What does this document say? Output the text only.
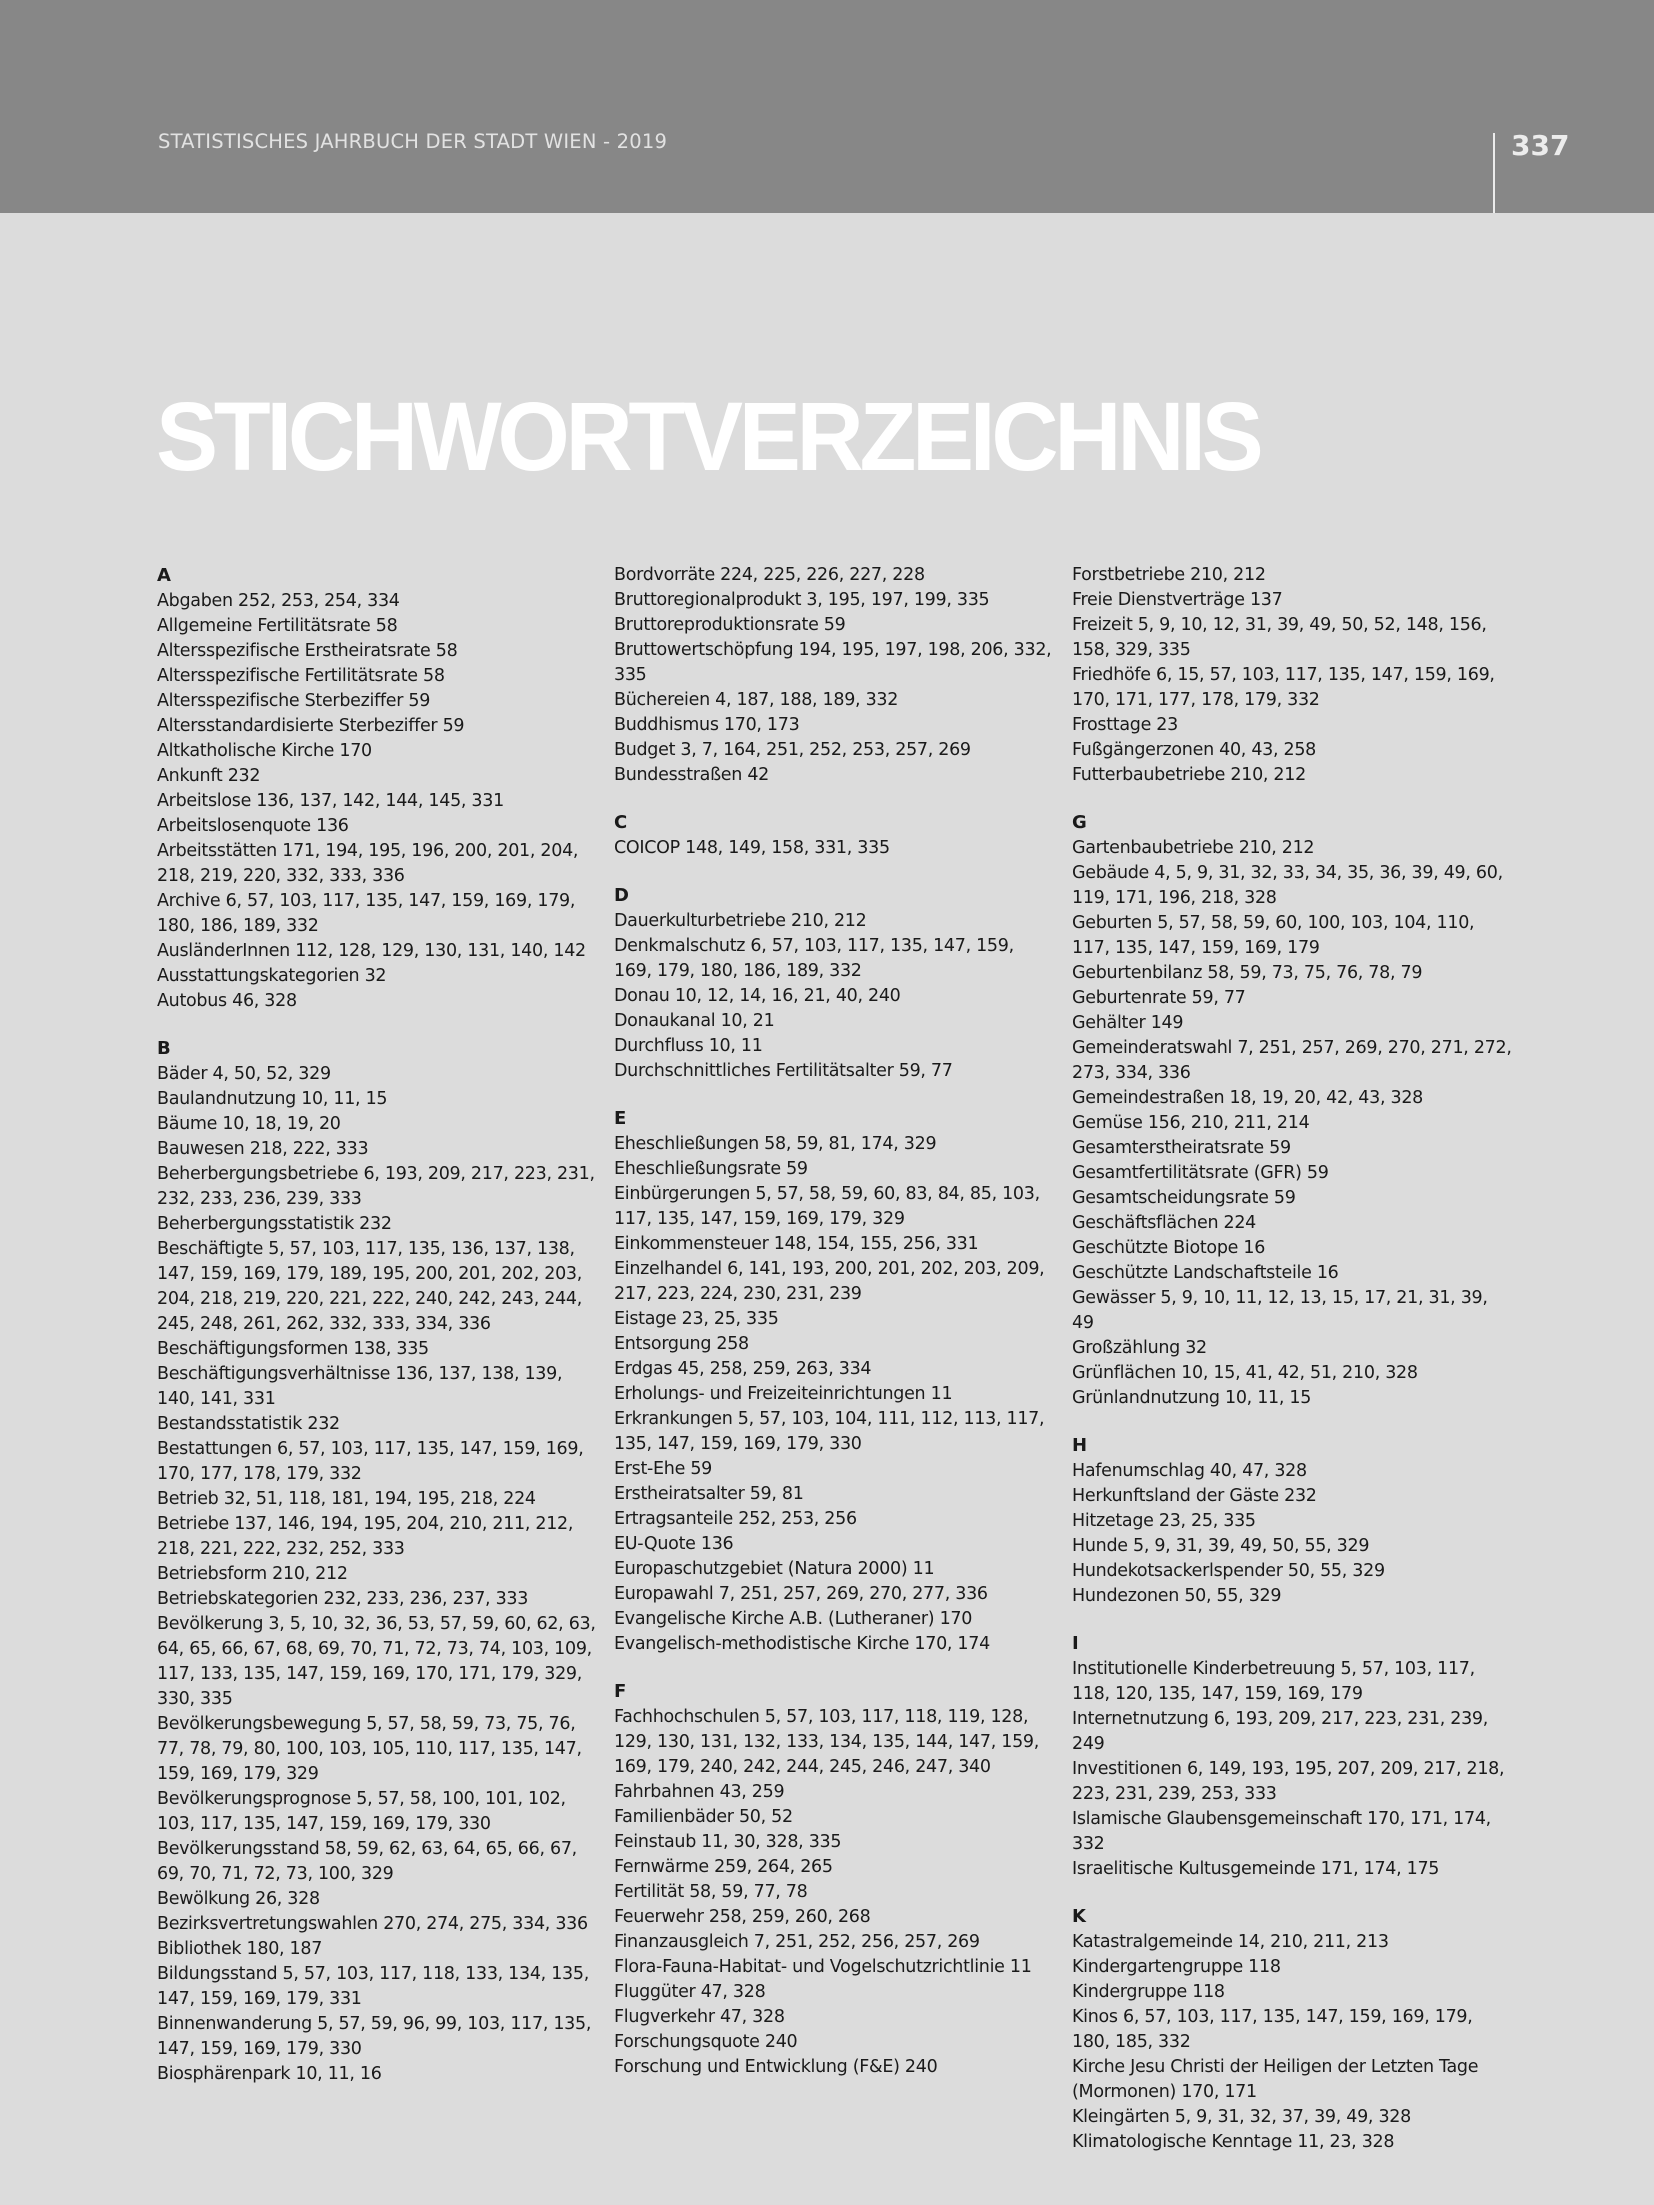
STATISTISCHES JAHRBUCH DER STADT WIEN - 2019	337
STICHWORTVERZEICHNIS
A
Abgaben 252, 253, 254, 334
Allgemeine Fertilitätsrate 58
Altersspezifische Erstheiratsrate 58
Altersspezifische Fertilitätsrate 58
Altersspezifische Sterbeziffer 59
Altersstandardisierte Sterbeziffer 59
Altkatholische Kirche 170
Ankunft 232
Arbeitslose 136, 137, 142, 144, 145, 331
Arbeitslosenquote 136
Arbeitsstätten 171, 194, 195, 196, 200, 201, 204, 218, 219, 220, 332, 333, 336
Archive 6, 57, 103, 117, 135, 147, 159, 169, 179, 180, 186, 189, 332
AusländerInnen 112, 128, 129, 130, 131, 140, 142
Ausstattungskategorien 32
Autobus 46, 328
B
Bäder 4, 50, 52, 329
Baulandnutzung 10, 11, 15
Bäume 10, 18, 19, 20
Bauwesen 218, 222, 333
Beherbergungsbetriebe 6, 193, 209, 217, 223, 231, 232, 233, 236, 239, 333
Beherbergungsstatistik 232
Beschäftigte 5, 57, 103, 117, 135, 136, 137, 138, 147, 159, 169, 179, 189, 195, 200, 201, 202, 203, 204, 218, 219, 220, 221, 222, 240, 242, 243, 244, 245, 248, 261, 262, 332, 333, 334, 336
Beschäftigungsformen 138, 335
Beschäftigungsverhältnisse 136, 137, 138, 139, 140, 141, 331
Bestandsstatistik 232
Bestattungen 6, 57, 103, 117, 135, 147, 159, 169, 170, 177, 178, 179, 332
Betrieb 32, 51, 118, 181, 194, 195, 218, 224
Betriebe 137, 146, 194, 195, 204, 210, 211, 212, 218, 221, 222, 232, 252, 333
Betriebsform 210, 212
Betriebskategorien 232, 233, 236, 237, 333
Bevölkerung 3, 5, 10, 32, 36, 53, 57, 59, 60, 62, 63, 64, 65, 66, 67, 68, 69, 70, 71, 72, 73, 74, 103, 109, 117, 133, 135, 147, 159, 169, 170, 171, 179, 329, 330, 335
Bevölkerungsbewegung 5, 57, 58, 59, 73, 75, 76, 77, 78, 79, 80, 100, 103, 105, 110, 117, 135, 147, 159, 169, 179, 329
Bevölkerungsprognose 5, 57, 58, 100, 101, 102, 103, 117, 135, 147, 159, 169, 179, 330
Bevölkerungsstand 58, 59, 62, 63, 64, 65, 66, 67, 69, 70, 71, 72, 73, 100, 329
Bewölkung 26, 328
Bezirksvertretungswahlen 270, 274, 275, 334, 336
Bibliothek 180, 187
Bildungsstand 5, 57, 103, 117, 118, 133, 134, 135, 147, 159, 169, 179, 331
Binnenwanderung 5, 57, 59, 96, 99, 103, 117, 135, 147, 159, 169, 179, 330
Biosphärenpark 10, 11, 16
Bordvorräte 224, 225, 226, 227, 228
Bruttoregionalprodukt 3, 195, 197, 199, 335
Bruttoreproduktionsrate 59
Bruttowertschöpfung 194, 195, 197, 198, 206, 332, 335
Büchereien 4, 187, 188, 189, 332
Buddhismus 170, 173
Budget 3, 7, 164, 251, 252, 253, 257, 269
Bundesstraßen 42
C
COICOP 148, 149, 158, 331, 335
D
Dauerkulturbetriebe 210, 212
Denkmalschutz 6, 57, 103, 117, 135, 147, 159, 169, 179, 180, 186, 189, 332
Donau 10, 12, 14, 16, 21, 40, 240
Donaukanal 10, 21
Durchfluss 10, 11
Durchschnittliches Fertilitätsalter 59, 77
E
Eheschließungen 58, 59, 81, 174, 329
Eheschließungsrate 59
Einbürgerungen 5, 57, 58, 59, 60, 83, 84, 85, 103, 117, 135, 147, 159, 169, 179, 329
Einkommensteuer 148, 154, 155, 256, 331
Einzelhandel 6, 141, 193, 200, 201, 202, 203, 209, 217, 223, 224, 230, 231, 239
Eistage 23, 25, 335
Entsorgung 258
Erdgas 45, 258, 259, 263, 334
Erholungs- und Freizeiteinrichtungen 11
Erkrankungen 5, 57, 103, 104, 111, 112, 113, 117, 135, 147, 159, 169, 179, 330
Erst-Ehe 59
Erstheiratsalter 59, 81
Ertragsanteile 252, 253, 256
EU-Quote 136
Europaschutzgebiet (Natura 2000) 11
Europawahl 7, 251, 257, 269, 270, 277, 336
Evangelische Kirche A.B. (Lutheraner) 170
Evangelisch-methodistische Kirche 170, 174
F
Fachhochschulen 5, 57, 103, 117, 118, 119, 128, 129, 130, 131, 132, 133, 134, 135, 144, 147, 159, 169, 179, 240, 242, 244, 245, 246, 247, 340
Fahrbahnen 43, 259
Familienbäder 50, 52
Feinstaub 11, 30, 328, 335
Fernwärme 259, 264, 265
Fertilität 58, 59, 77, 78
Feuerwehr 258, 259, 260, 268
Finanzausgleich 7, 251, 252, 256, 257, 269
Flora-Fauna-Habitat- und Vogelschutzrichtlinie 11
Fluggüter 47, 328
Flugverkehr 47, 328
Forschungsquote 240
Forschung und Entwicklung (F&E) 240
Forstbetriebe 210, 212
Freie Dienstverträge 137
Freizeit 5, 9, 10, 12, 31, 39, 49, 50, 52, 148, 156, 158, 329, 335
Friedhöfe 6, 15, 57, 103, 117, 135, 147, 159, 169, 170, 171, 177, 178, 179, 332
Frosttage 23
Fußgängerzonen 40, 43, 258
Futterbaubetriebe 210, 212
G
Gartenbaubetriebe 210, 212
Gebäude 4, 5, 9, 31, 32, 33, 34, 35, 36, 39, 49, 60, 119, 171, 196, 218, 328
Geburten 5, 57, 58, 59, 60, 100, 103, 104, 110, 117, 135, 147, 159, 169, 179
Geburtenbilanz 58, 59, 73, 75, 76, 78, 79
Geburtenrate 59, 77
Gehälter 149
Gemeinderatswahl 7, 251, 257, 269, 270, 271, 272, 273, 334, 336
Gemeindestraßen 18, 19, 20, 42, 43, 328
Gemüse 156, 210, 211, 214
Gesamterstheiratsrate 59
Gesamtfertilitätsrate (GFR) 59
Gesamtscheidungsrate 59
Geschäftsflächen 224
Geschützte Biotope 16
Geschützte Landschaftsteile 16
Gewässer 5, 9, 10, 11, 12, 13, 15, 17, 21, 31, 39, 49
Großzählung 32
Grünflächen 10, 15, 41, 42, 51, 210, 328
Grünlandnutzung 10, 11, 15
H
Hafenumschlag 40, 47, 328
Herkunftsland der Gäste 232
Hitzetage 23, 25, 335
Hunde 5, 9, 31, 39, 49, 50, 55, 329
Hundekotsackerlspender 50, 55, 329
Hundezonen 50, 55, 329
I
Institutionelle Kinderbetreuung 5, 57, 103, 117, 118, 120, 135, 147, 159, 169, 179
Internetnutzung 6, 193, 209, 217, 223, 231, 239, 249
Investitionen 6, 149, 193, 195, 207, 209, 217, 218, 223, 231, 239, 253, 333
Islamische Glaubensgemeinschaft 170, 171, 174, 332
Israelitische Kultusgemeinde 171, 174, 175
K
Katastralgemeinde 14, 210, 211, 213
Kindergartengruppe 118
Kindergruppe 118
Kinos 6, 57, 103, 117, 135, 147, 159, 169, 179, 180, 185, 332
Kirche Jesu Christi der Heiligen der Letzten Tage (Mormonen) 170, 171
Kleingärten 5, 9, 31, 32, 37, 39, 49, 328
Klimatologische Kenntage 11, 23, 328
